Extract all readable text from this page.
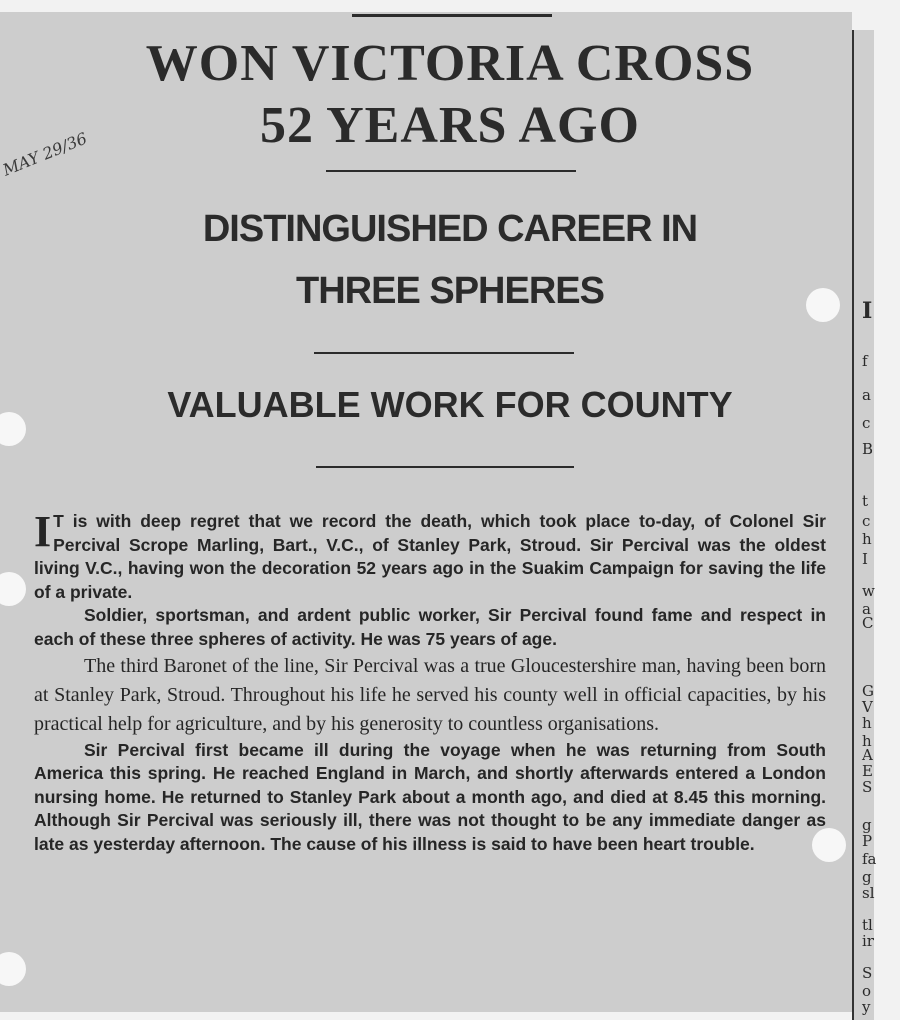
WON VICTORIA CROSS
52 YEARS AGO
DISTINGUISHED CAREER IN
THREE SPHERES
VALUABLE WORK FOR COUNTY
MAY 29/36

I T is with deep regret that we record the death, which took place to-day, of Colonel Sir Percival Scrope Marling, Bart., V.C., of Stanley Park, Stroud. Sir Percival was the oldest living V.C., having won the decoration 52 years ago in the Suakim Campaign for saving the life of a private.

Soldier, sportsman, and ardent public worker, Sir Percival found fame and respect in each of these three spheres of activity. He was 75 years of age.

The third Baronet of the line, Sir Percival was a true Gloucestershire man, having been born at Stanley Park, Stroud. Throughout his life he served his county well in official capacities, by his practical help for agriculture, and by his generosity to countless organisations.

Sir Percival first became ill during the voyage when he was returning from South America this spring. He reached England in March, and shortly afterwards entered a London nursing home. He returned to Stanley Park about a month ago, and died at 8.45 this morning. Although Sir Percival was seriously ill, there was not thought to be any immediate danger as late as yesterday afternoon. The cause of his illness is said to have been heart trouble.

I
f
a
c
B
t
c
h
I
w
a
C
G
V
h
h
A
E
S
g
P
fa
g
sl
tl
ir
S
o
y
